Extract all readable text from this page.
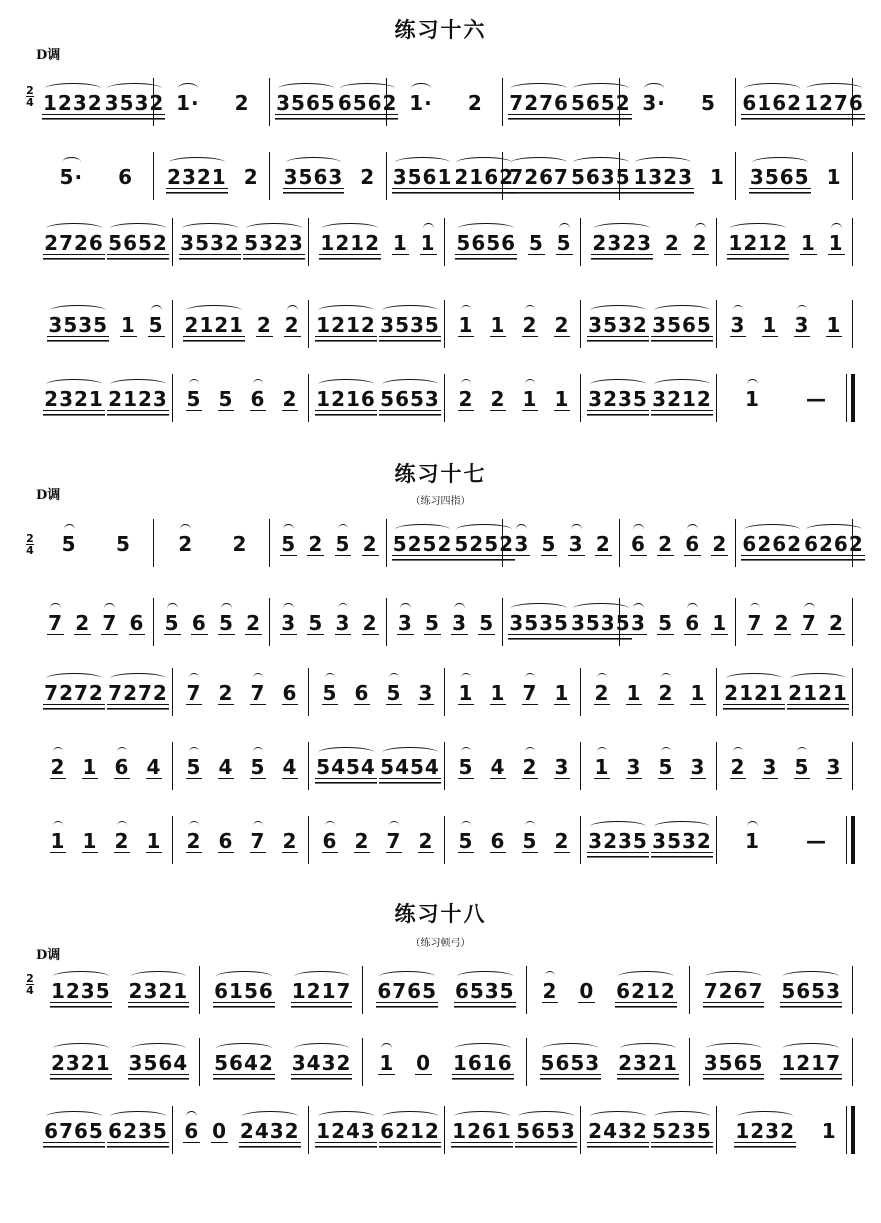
练习十六
D调
2
4 1232 3532 1· 2 3565 6562 1· 2 7276 5652 3· 5 6162 1276
5· 6 2321 2 3563 2 3561 2162
7267 5635 1323 1 3565 1
2726 5652 3532 5323 1212 1 1 5656 5 5 2323 2 2 1212 1 1
3535 1 5 2121 2 2 1212 3535 1 1 2 2 3532 3565 3 1 3 1
2321 2123 5 5 6 2 1216 5653 2 2 1 1 3235 3212 1 —
练习十七
（练习四指）
D调
2
4 5 5 2 2 5 2 5 2 5252 5252 3 5 3 2 6 2 6 2 6262 6262
7 2 7 6 5 6 5 2 3 5 3 2 3 5 3 5 3535 3535 3 5 6 1 7 2 7 2
7272 7272 7 2 7 6 5 6 5 3 1 1 7 1 2 1 2 1 2121 2121
2 1 6 4 5 4 5 4 5454 5454 5 4 2 3 1 3 5 3 2 3 5 3
1 1 2 1 2 6 7 2 6 2 7 2 5 6 5 2 3235 3532 1 —
练习十八
（练习顿弓）
D调
2
4 1235 2321 6156 1217 6765 6535 2 0 6212 7267 5653
2321 3564 5642 3432 1 0 1616 5653 2321 3565 1217
6765 6235 6 0 2432 1243 6212 1261 5653 2432 5235 1232 1
